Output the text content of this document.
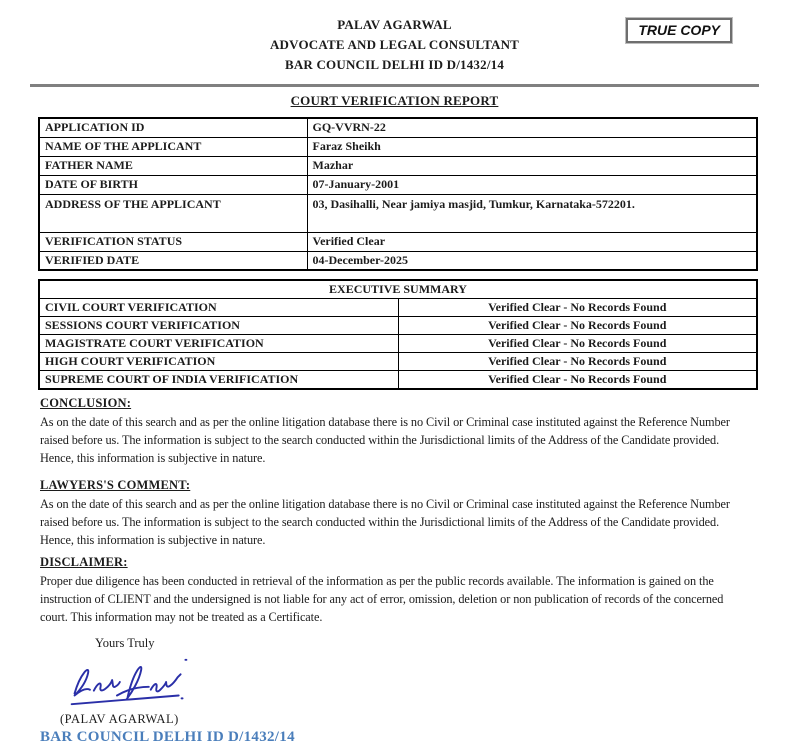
PALAV AGARWAL
ADVOCATE AND LEGAL CONSULTANT
BAR COUNCIL DELHI ID D/1432/14
TRUE COPY
COURT VERIFICATION REPORT
APPLICATION ID	GQ-VVRN-22
NAME OF THE APPLICANT	Faraz Sheikh
FATHER NAME	Mazhar
DATE OF BIRTH	07-January-2001
ADDRESS OF THE APPLICANT	03, Dasihalli, Near jamiya masjid, Tumkur, Karnataka-572201.
VERIFICATION STATUS	Verified Clear
VERIFIED DATE	04-December-2025
EXECUTIVE SUMMARY	
CIVIL COURT VERIFICATION	Verified Clear - No Records Found
SESSIONS COURT VERIFICATION	Verified Clear - No Records Found
MAGISTRATE COURT VERIFICATION	Verified Clear - No Records Found
HIGH COURT VERIFICATION	Verified Clear - No Records Found
SUPREME COURT OF INDIA VERIFICATION	Verified Clear - No Records Found
CONCLUSION:
As on the date of this search and as per the online litigation database there is no Civil or Criminal case instituted against the Reference Number raised before us. The information is subject to the search conducted within the Jurisdictional limits of the Address of the Candidate provided. Hence, this information is subjective in nature.
LAWYERS'S COMMENT:
As on the date of this search and as per the online litigation database there is no Civil or Criminal case instituted against the Reference Number raised before us. The information is subject to the search conducted within the Jurisdictional limits of the Address of the Candidate provided. Hence, this information is subjective in nature.
DISCLAIMER:
Proper due diligence has been conducted in retrieval of the information as per the public records available. The information is gained on the instruction of CLIENT and the undersigned is not liable for any act of error, omission, deletion or non publication of records of the concerned court. This information may not be treated as a Certificate.
Yours Truly
(PALAV AGARWAL)
BAR COUNCIL DELHI ID D/1432/14
